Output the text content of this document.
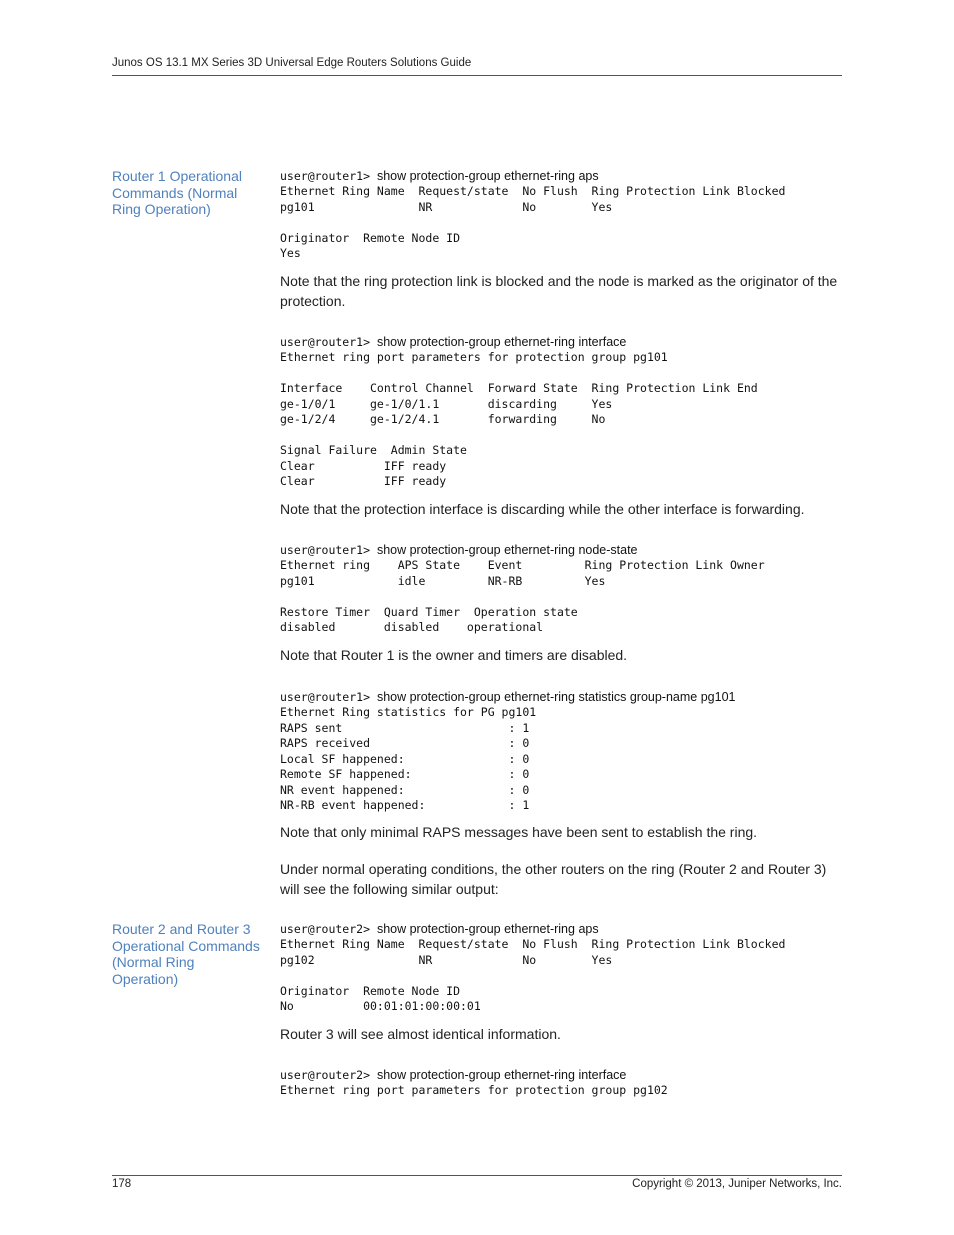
Junos OS 13.1 MX Series 3D Universal Edge Routers Solutions Guide
Router 1 Operational Commands (Normal Ring Operation)
user@router1> show protection-group ethernet-ring aps
Ethernet Ring Name  Request/state  No Flush  Ring Protection Link Blocked
pg101               NR             No        Yes

Originator  Remote Node ID
Yes
Note that the ring protection link is blocked and the node is marked as the originator of the protection.
user@router1> show protection-group ethernet-ring interface
Ethernet ring port parameters for protection group pg101

Interface    Control Channel  Forward State  Ring Protection Link End
ge-1/0/1     ge-1/0/1.1       discarding     Yes
ge-1/2/4     ge-1/2/4.1       forwarding     No

Signal Failure  Admin State
Clear          IFF ready
Clear          IFF ready
Note that the protection interface is discarding while the other interface is forwarding.
user@router1> show protection-group ethernet-ring node-state
Ethernet ring    APS State    Event         Ring Protection Link Owner
pg101            idle         NR-RB         Yes

Restore Timer  Quard Timer  Operation state
disabled       disabled    operational
Note that Router 1 is the owner and timers are disabled.
user@router1> show protection-group ethernet-ring statistics group-name pg101
Ethernet Ring statistics for PG pg101
RAPS sent                        : 1
RAPS received                    : 0
Local SF happened:               : 0
Remote SF happened:              : 0
NR event happened:               : 0
NR-RB event happened:            : 1
Note that only minimal RAPS messages have been sent to establish the ring.
Under normal operating conditions, the other routers on the ring (Router 2 and Router 3) will see the following similar output:
Router 2 and Router 3 Operational Commands (Normal Ring Operation)
user@router2> show protection-group ethernet-ring aps
Ethernet Ring Name  Request/state  No Flush  Ring Protection Link Blocked
pg102               NR             No        Yes

Originator  Remote Node ID
No          00:01:01:00:00:01
Router 3 will see almost identical information.
user@router2> show protection-group ethernet-ring interface
Ethernet ring port parameters for protection group pg102
178	Copyright © 2013, Juniper Networks, Inc.
